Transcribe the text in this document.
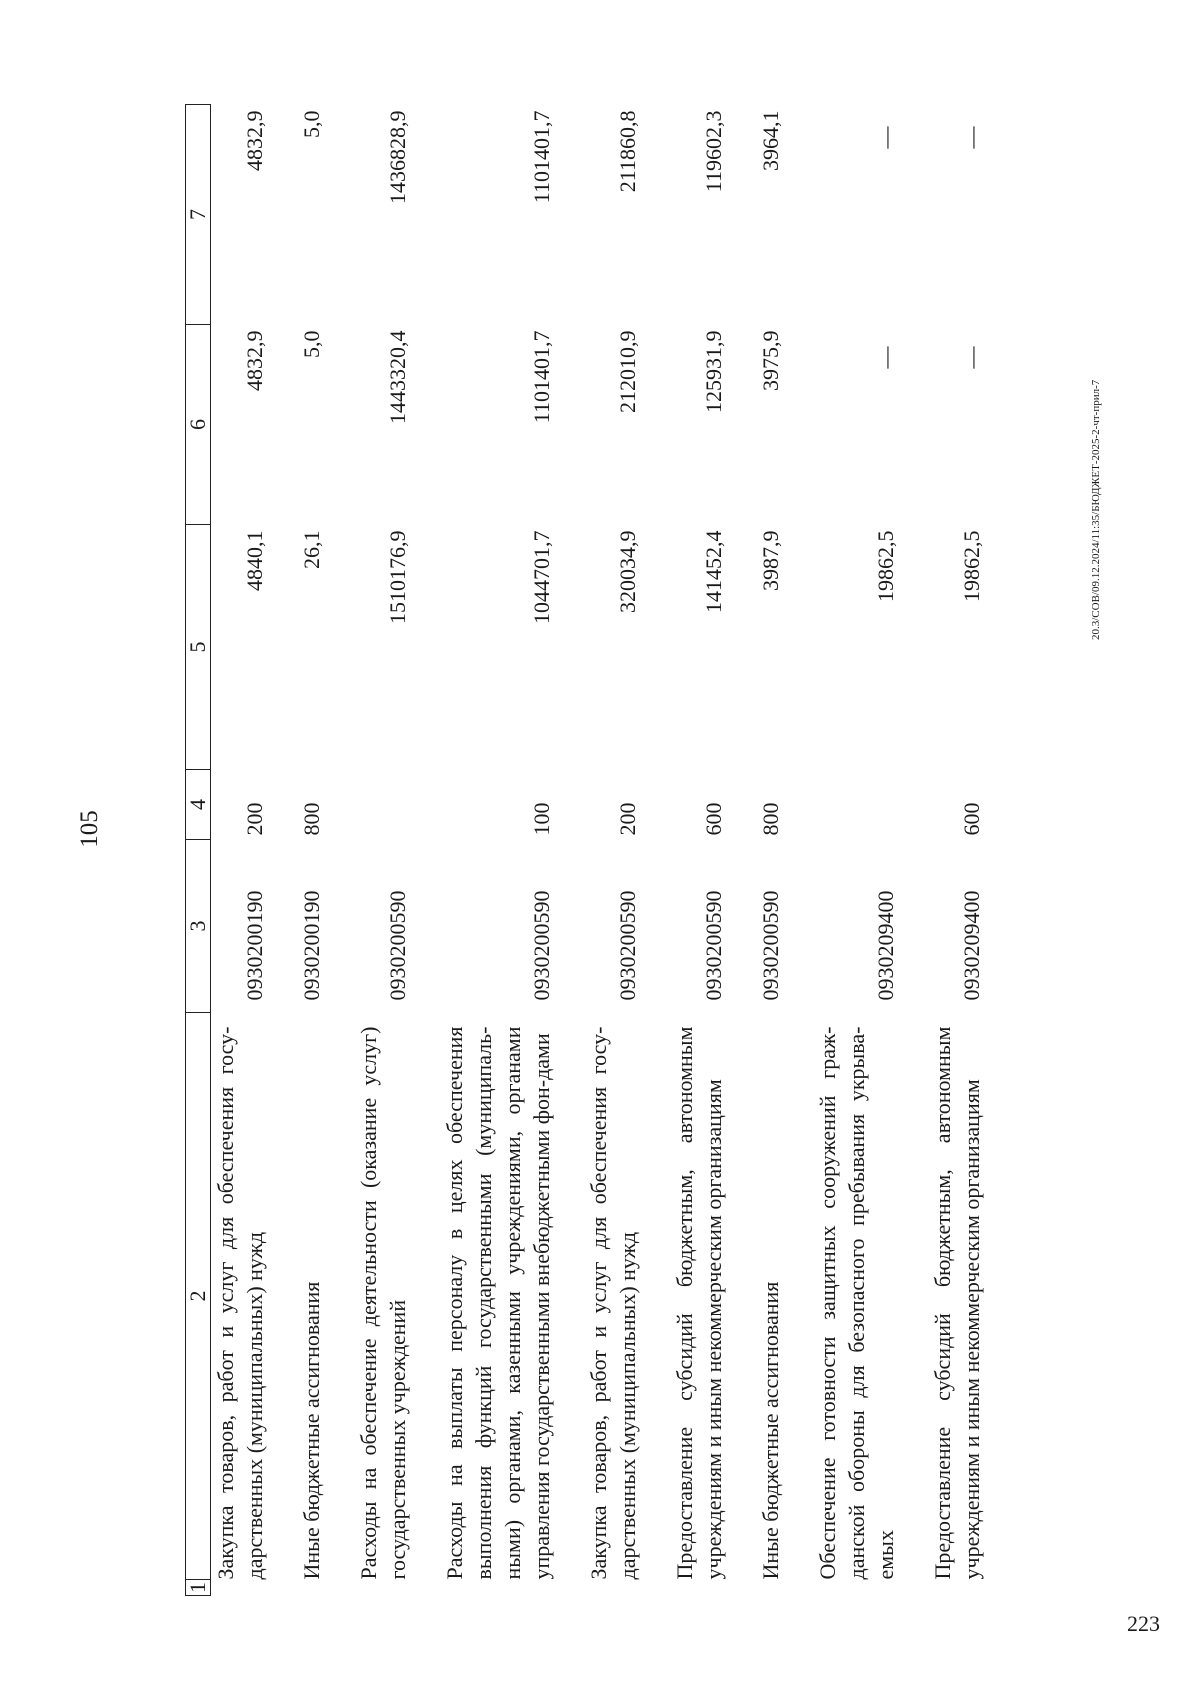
105
1	2	3	4	5	6	7
	Закупка товаров, работ и услуг для обеспечения госу-дарственных (муниципальных) нужд	0930200190	200	4840,1	4832,9	4832,9

	Иные бюджетные ассигнования	0930200190	800	26,1	5,0	5,0

	Расходы на обеспечение деятельности (оказание услуг) государственных учреждений	0930200590		1510176,9	1443320,4	1436828,9

	Расходы на выплаты персоналу в целях обеспечения выполнения функций государственными (муниципаль-ными) органами, казенными учреждениями, органами управления государственными внебюджетными фон-дами	0930200590	100	1044701,7	1101401,7	1101401,7

	Закупка товаров, работ и услуг для обеспечения госу-дарственных (муниципальных) нужд	0930200590	200	320034,9	212010,9	211860,8

	Предоставление субсидий бюджетным, автономным учреждениям и иным некоммерческим организациям	0930200590	600	141452,4	125931,9	119602,3

	Иные бюджетные ассигнования	0930200590	800	3987,9	3975,9	3964,1

	Обеспечение готовности защитных сооружений граж-данской обороны для безопасного пребывания укрыва-емых	0930209400		19862,5	—	—

	Предоставление субсидий бюджетным, автономным учреждениям и иным некоммерческим организациям	0930209400	600	19862,5	—	—
20.3/СОВ/09.12.2024/11:35/БЮДЖЕТ-2025-2-чт-прил-7
223
